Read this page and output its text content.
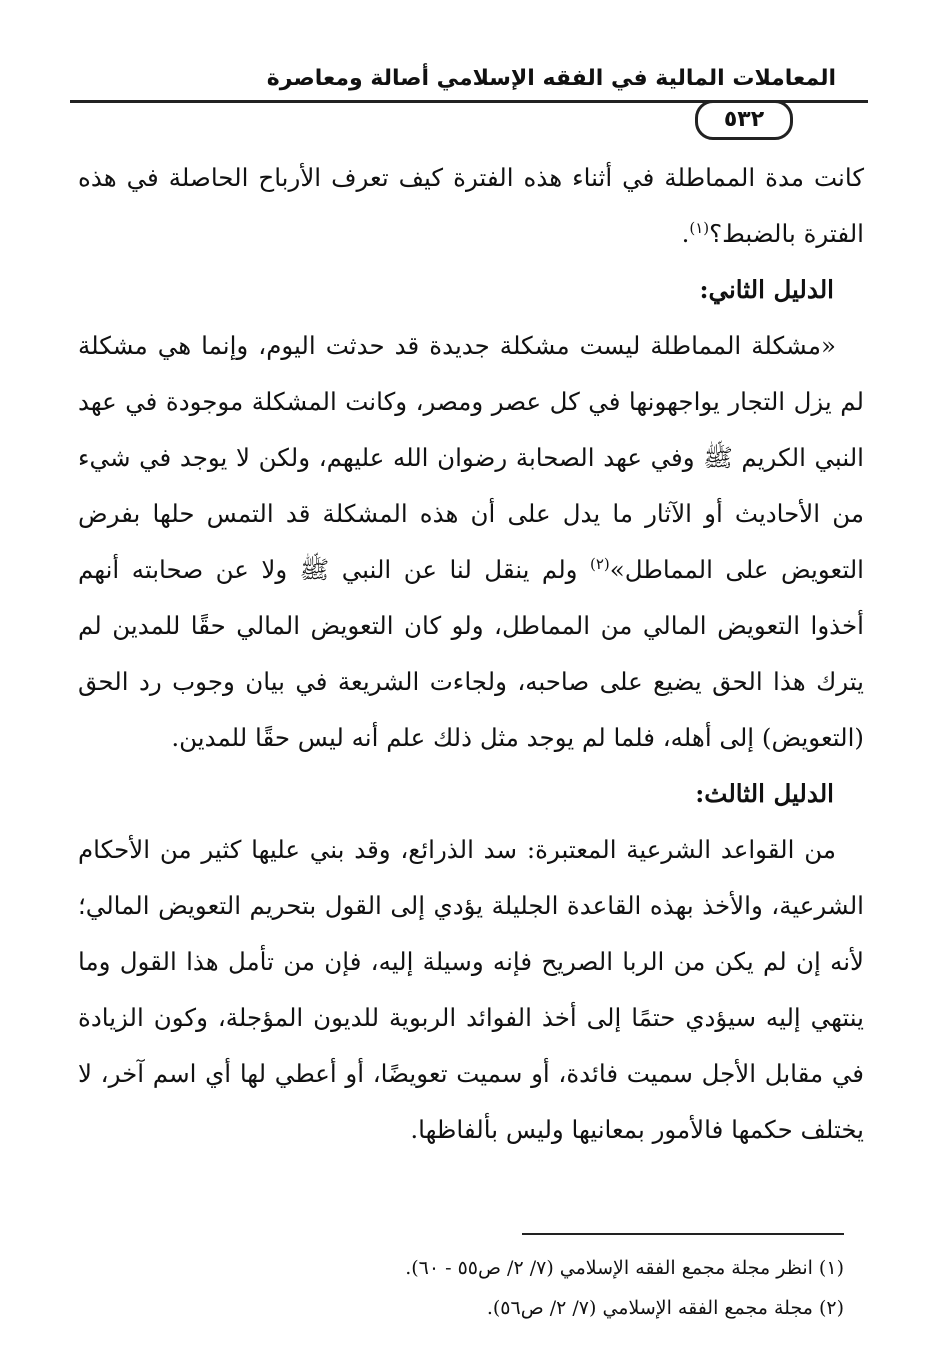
المعاملات المالية في الفقه الإسلامي أصالة ومعاصرة
٥٣٢

كانت مدة المماطلة في أثناء هذه الفترة كيف تعرف الأرباح الحاصلة في هذه الفترة بالضبط؟$^{(١)}$.

الدليل الثاني:

«مشكلة المماطلة ليست مشكلة جديدة قد حدثت اليوم، وإنما هي مشكلة لم يزل التجار يواجهونها في كل عصر ومصر، وكانت المشكلة موجودة في عهد النبي الكريم ﷺ وفي عهد الصحابة رضوان الله عليهم، ولكن لا يوجد في شيء من الأحاديث أو الآثار ما يدل على أن هذه المشكلة قد التمس حلها بفرض التعويض على المماطل»$^{(٢)}$ ولم ينقل لنا عن النبي ﷺ ولا عن صحابته أنهم أخذوا التعويض المالي من المماطل، ولو كان التعويض المالي حقًا للمدين لم يترك هذا الحق يضيع على صاحبه، ولجاءت الشريعة في بيان وجوب رد الحق (التعويض) إلى أهله، فلما لم يوجد مثل ذلك علم أنه ليس حقًا للمدين.

الدليل الثالث:

من القواعد الشرعية المعتبرة: سد الذرائع، وقد بني عليها كثير من الأحكام الشرعية، والأخذ بهذه القاعدة الجليلة يؤدي إلى القول بتحريم التعويض المالي؛ لأنه إن لم يكن من الربا الصريح فإنه وسيلة إليه، فإن من تأمل هذا القول وما ينتهي إليه سيؤدي حتمًا إلى أخذ الفوائد الربوية للديون المؤجلة، وكون الزيادة في مقابل الأجل سميت فائدة، أو سميت تعويضًا، أو أعطي لها أي اسم آخر، لا يختلف حكمها فالأمور بمعانيها وليس بألفاظها.

(١) انظر مجلة مجمع الفقه الإسلامي (٧/ ٢/ ص٥٥ - ٦٠).

(٢) مجلة مجمع الفقه الإسلامي (٧/ ٢/ ص٥٦).
